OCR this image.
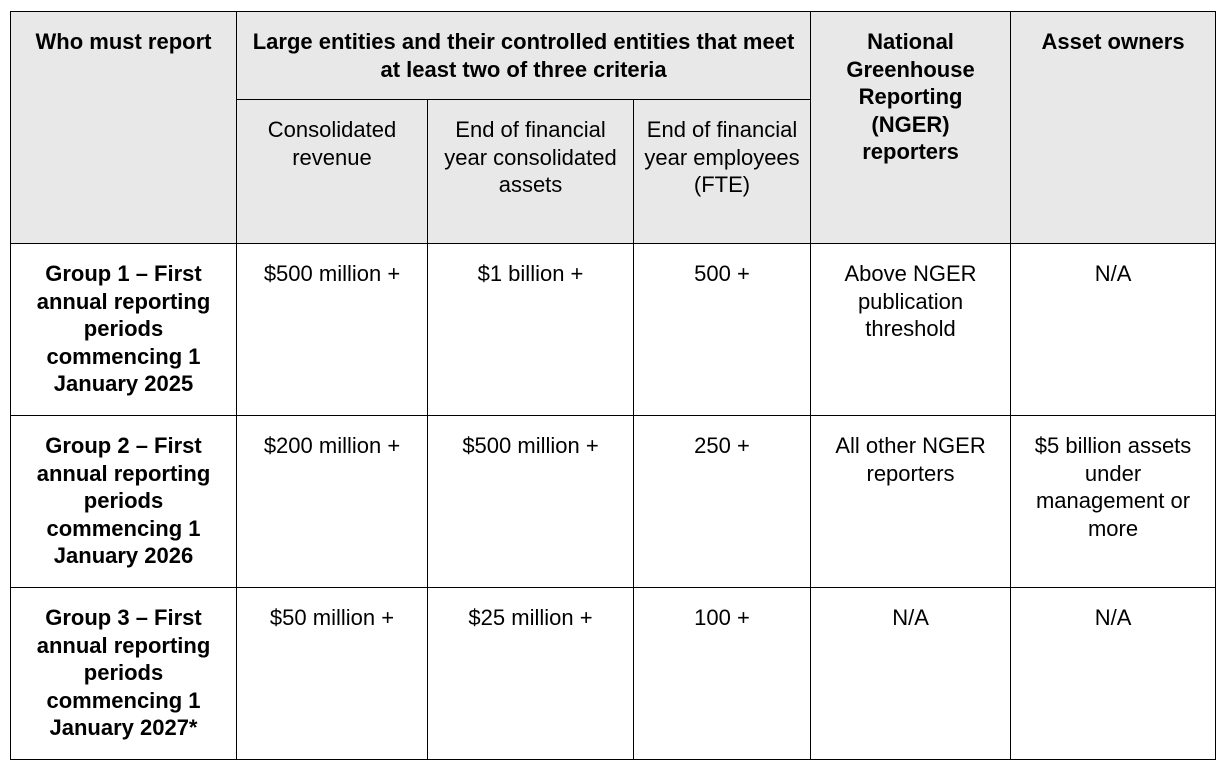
Who must report	Large entities and their controlled entities that meet at least two of three criteria			National Greenhouse Reporting (NGER) reporters	Asset owners
	Consolidated revenue	End of financial year consolidated assets	End of financial year employees (FTE)		
Group 1 – First annual reporting periods commencing 1 January 2025	$500 million +	$1 billion +	500 +	Above NGER publication threshold	N/A
Group 2 – First annual reporting periods commencing 1 January 2026	$200 million +	$500 million +	250 +	All other NGER reporters	$5 billion assets under management or more
Group 3 – First annual reporting periods commencing 1 January 2027*	$50 million +	$25 million +	100 +	N/A	N/A
